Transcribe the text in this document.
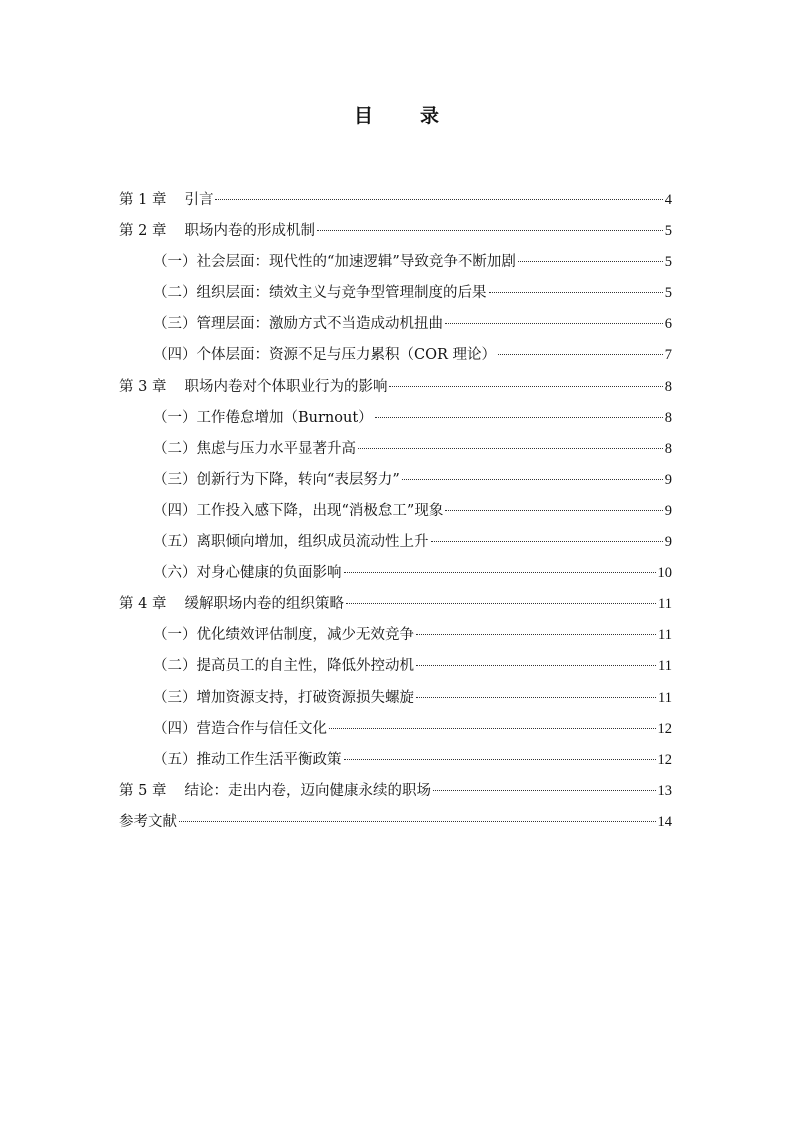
目　录
第 1 章 引言	4
第 2 章 职场内卷的形成机制	5
（一）社会层面：现代性的“加速逻辑”导致竞争不断加剧	5
（二）组织层面：绩效主义与竞争型管理制度的后果	5
（三）管理层面：激励方式不当造成动机扭曲	6
（四）个体层面：资源不足与压力累积（COR 理论）	7
第 3 章 职场内卷对个体职业行为的影响	8
（一）工作倦怠增加（Burnout）	8
（二）焦虑与压力水平显著升高	8
（三）创新行为下降，转向“表层努力”	9
（四）工作投入感下降，出现“消极怠工”现象	9
（五）离职倾向增加，组织成员流动性上升	9
（六）对身心健康的负面影响	10
第 4 章 缓解职场内卷的组织策略	11
（一）优化绩效评估制度，减少无效竞争	11
（二）提高员工的自主性，降低外控动机	11
（三）增加资源支持，打破资源损失螺旋	11
（四）营造合作与信任文化	12
（五）推动工作生活平衡政策	12
第 5 章 结论：走出内卷，迈向健康永续的职场	13
参考文献	14
